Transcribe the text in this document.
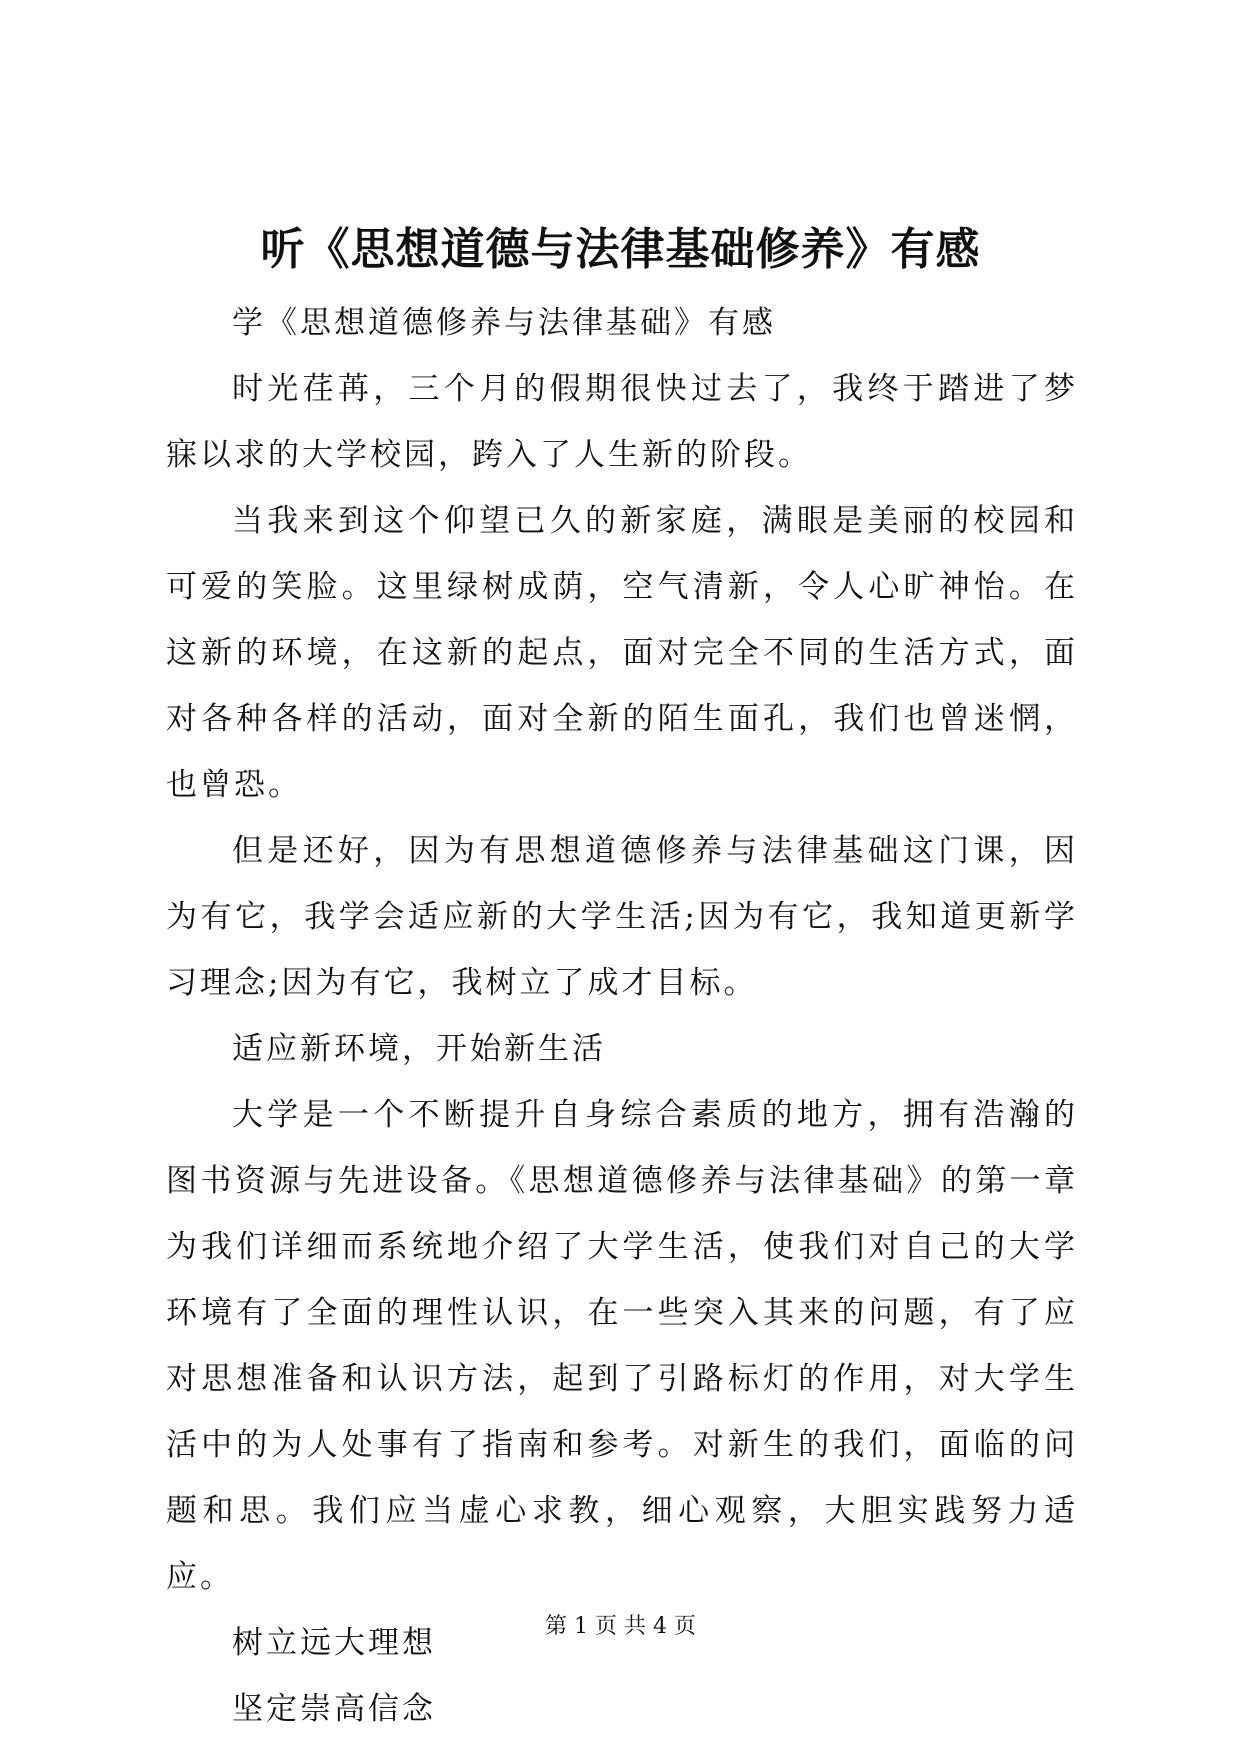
听《思想道德与法律基础修养》有感

学《思想道德修养与法律基础》有感

时光荏苒，三个月的假期很快过去了，我终于踏进了梦寐以求的大学校园，跨入了人生新的阶段。

当我来到这个仰望已久的新家庭，满眼是美丽的校园和可爱的笑脸。这里绿树成荫，空气清新，令人心旷神怡。在这新的环境，在这新的起点，面对完全不同的生活方式，面对各种各样的活动，面对全新的陌生面孔，我们也曾迷惘，也曾恐。

但是还好，因为有思想道德修养与法律基础这门课，因为有它，我学会适应新的大学生活;因为有它，我知道更新学习理念;因为有它，我树立了成才目标。

适应新环境，开始新生活

大学是一个不断提升自身综合素质的地方，拥有浩瀚的图书资源与先进设备。《思想道德修养与法律基础》的第一章为我们详细而系统地介绍了大学生活，使我们对自己的大学环境有了全面的理性认识，在一些突入其来的问题，有了应对思想准备和认识方法，起到了引路标灯的作用，对大学生活中的为人处事有了指南和参考。对新生的我们，面临的问题和思。我们应当虚心求教，细心观察，大胆实践努力适应。

树立远大理想

坚定崇高信念

第 1 页 共 4 页
